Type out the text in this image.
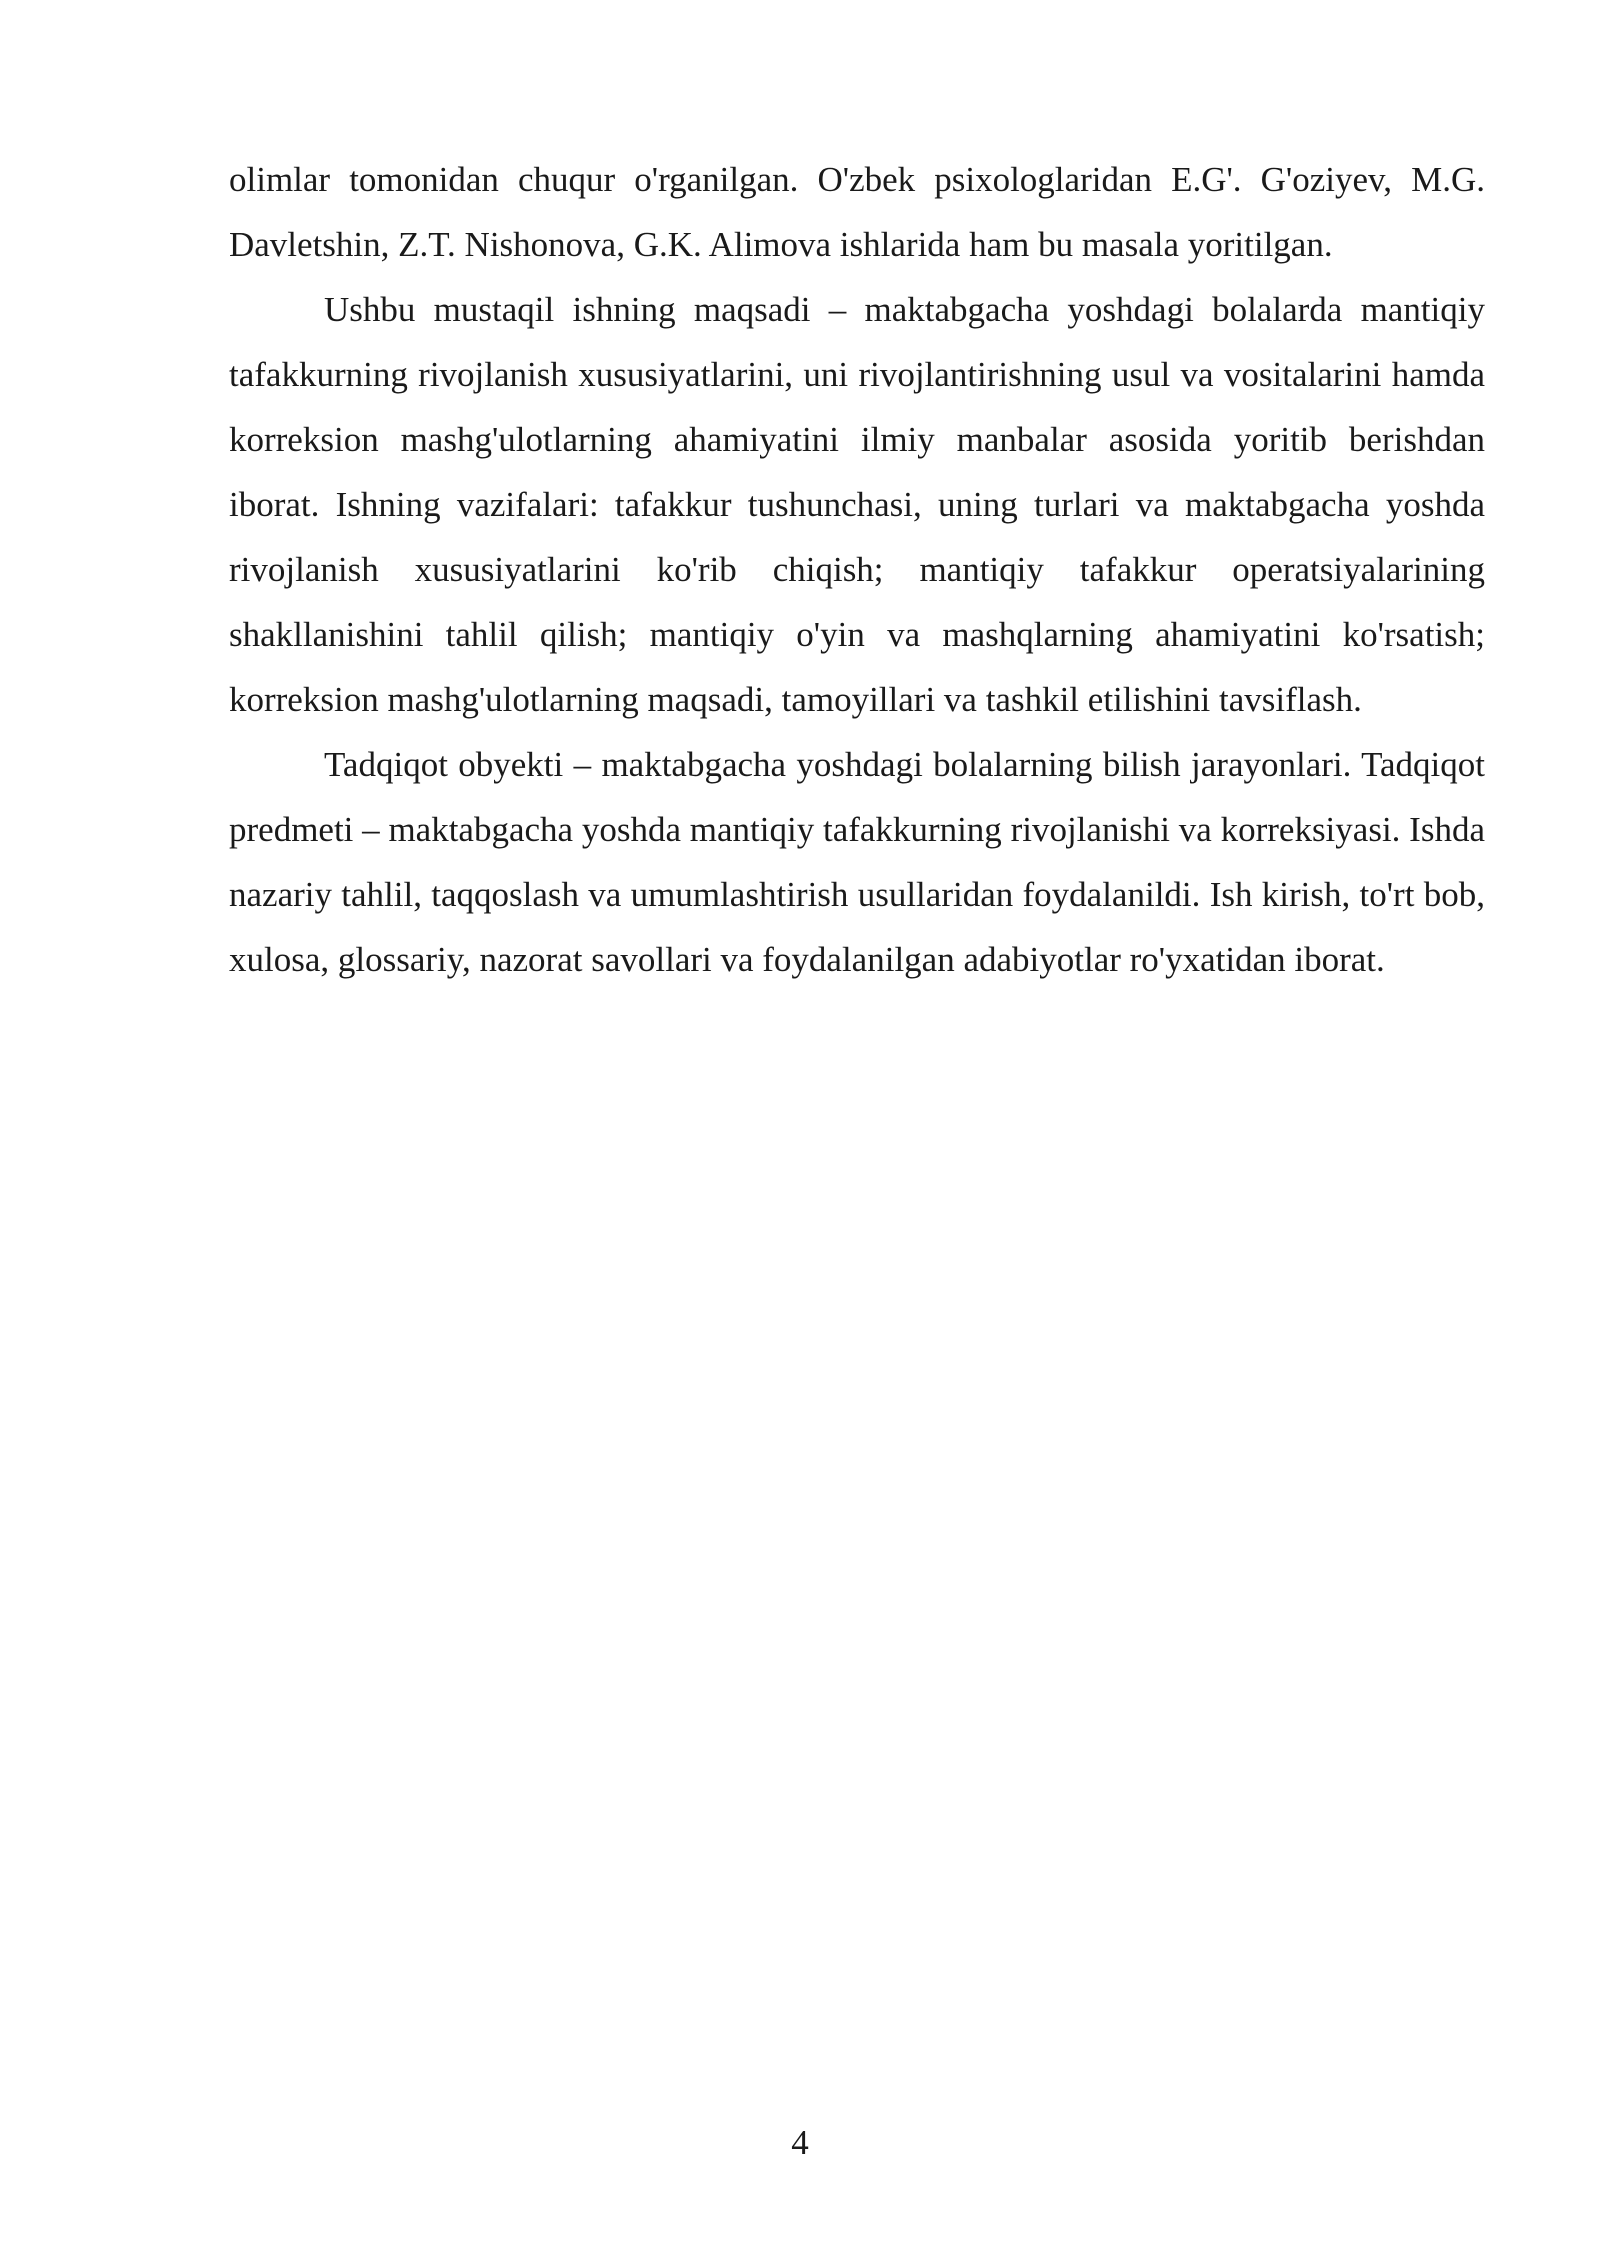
olimlar tomonidan chuqur o'rganilgan. O'zbek psixologlaridan E.G'. G'oziyev, M.G. Davletshin, Z.T. Nishonova, G.K. Alimova ishlarida ham bu masala yoritilgan.

Ushbu mustaqil ishning maqsadi – maktabgacha yoshdagi bolalarda mantiqiy tafakkurning rivojlanish xususiyatlarini, uni rivojlantirishning usul va vositalarini hamda korreksion mashg'ulotlarning ahamiyatini ilmiy manbalar asosida yoritib berishdan iborat. Ishning vazifalari: tafakkur tushunchasi, uning turlari va maktabgacha yoshda rivojlanish xususiyatlarini ko'rib chiqish; mantiqiy tafakkur operatsiyalarining shakllanishini tahlil qilish; mantiqiy o'yin va mashqlarning ahamiyatini ko'rsatish; korreksion mashg'ulotlarning maqsadi, tamoyillari va tashkil etilishini tavsiflash.

Tadqiqot obyekti – maktabgacha yoshdagi bolalarning bilish jarayonlari. Tadqiqot predmeti – maktabgacha yoshda mantiqiy tafakkurning rivojlanishi va korreksiyasi. Ishda nazariy tahlil, taqqoslash va umumlashtirish usullaridan foydalanildi. Ish kirish, to'rt bob, xulosa, glossariy, nazorat savollari va foydalanilgan adabiyotlar ro'yxatidan iborat.

4
